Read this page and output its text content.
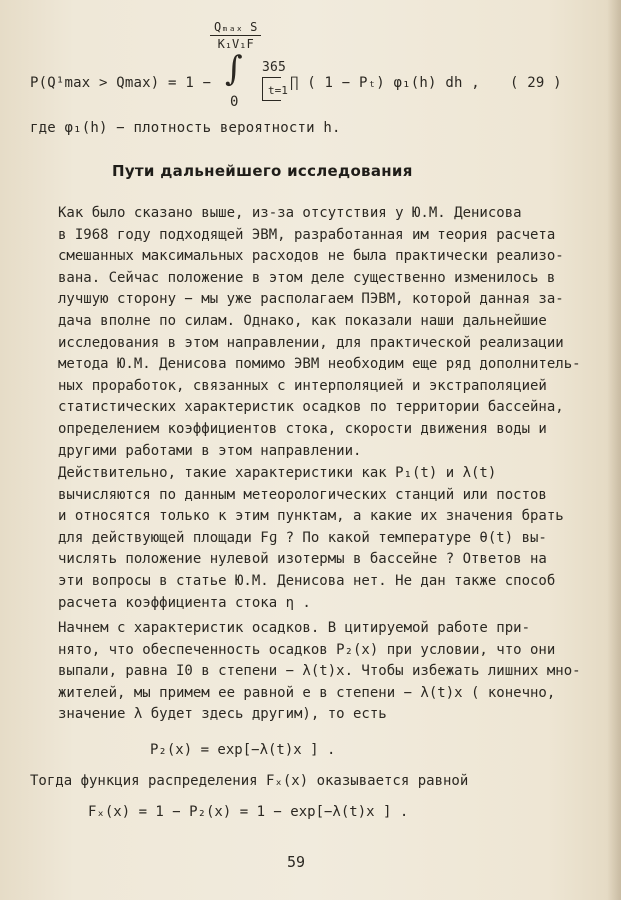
Qₘₐₓ S
K₁V₁F
P(Q¹max > Qmax) = 1 − ∫
0
365
t=1 ∏ ( 1 − Pₜ) φ₁(h) dh , ( 29 )
где φ₁(h) − плотность вероятности h.
Пути дальнейшего исследования
Как было сказано выше, из-за отсутствия у Ю.М. Денисова
в I968 году подходящей ЭВМ, разработанная им теория расчета
смешанных максимальных расходов не была практически реализо-
вана. Сейчас положение в этом деле существенно изменилось в
лучшую сторону − мы уже располагаем ПЭВМ, которой данная за-
дача вполне по силам. Однако, как показали наши дальнейшие
исследования в этом направлении, для практической реализации
метода Ю.М. Денисова помимо ЭВМ необходим еще ряд дополнитель-
ных проработок, связанных с интерполяцией и экстраполяцией
статистических характеристик осадков по территории бассейна,
определением коэффициентов стока, скорости движения воды и
другими работами в этом направлении.
Действительно, такие характеристики как P₁(t) и λ(t)
вычисляются по данным метеорологических станций или постов
и относятся только к этим пунктам, а какие их значения брать
для действующей площади Fɡ ? По какой температуре θ(t) вы-
числять положение нулевой изотермы в бассейне ? Ответов на
эти вопросы в статье Ю.М. Денисова нет. Не дан также способ
расчета коэффициента стока η .
Начнем с характеристик осадков. В цитируемой работе при-
нято, что обеспеченность осадков P₂(x) при условии, что они
выпали, равна I0 в степени − λ(t)x. Чтобы избежать лишних мно-
жителей, мы примем ее равной e в степени − λ(t)x ( конечно,
значение λ будет здесь другим), то есть
P₂(x) = exp[−λ(t)x ] .
Тогда функция распределения Fₓ(x) оказывается равной
Fₓ(x) = 1 − P₂(x) = 1 − exp[−λ(t)x ] .
59
